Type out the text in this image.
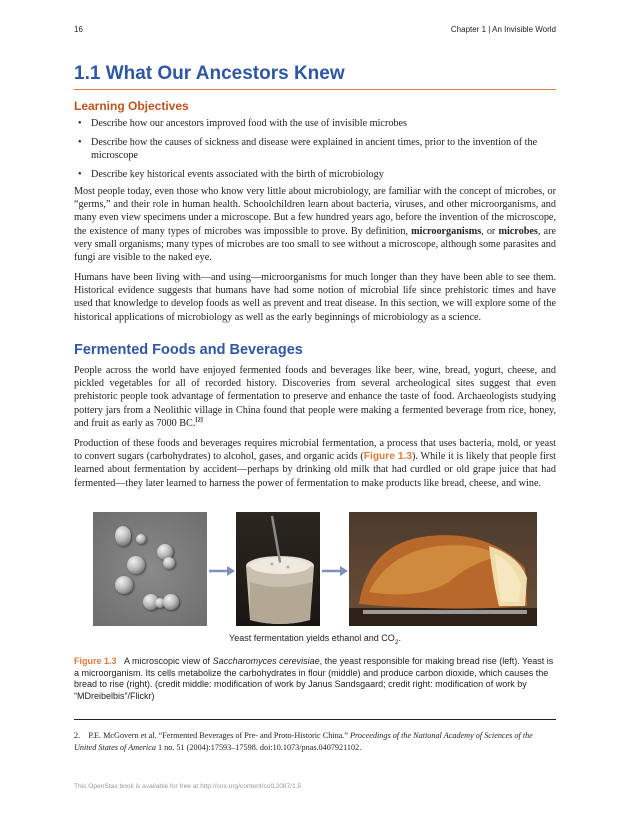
16	Chapter 1 | An Invisible World
1.1 What Our Ancestors Knew
Learning Objectives
• Describe how our ancestors improved food with the use of invisible microbes
• Describe how the causes of sickness and disease were explained in ancient times, prior to the invention of the microscope
• Describe key historical events associated with the birth of microbiology

Most people today, even those who know very little about microbiology, are familiar with the concept of microbes, or “germs,” and their role in human health. Schoolchildren learn about bacteria, viruses, and other microorganisms, and many even view specimens under a microscope. But a few hundred years ago, before the invention of the microscope, the existence of many types of microbes was impossible to prove. By definition, microorganisms, or microbes, are very small organisms; many types of microbes are too small to see without a microscope, although some parasites and fungi are visible to the naked eye.

Humans have been living with—and using—microorganisms for much longer than they have been able to see them. Historical evidence suggests that humans have had some notion of microbial life since prehistoric times and have used that knowledge to develop foods as well as prevent and treat disease. In this section, we will explore some of the historical applications of microbiology as well as the early beginnings of microbiology as a science.

Fermented Foods and Beverages

People across the world have enjoyed fermented foods and beverages like beer, wine, bread, yogurt, cheese, and pickled vegetables for all of recorded history. Discoveries from several archeological sites suggest that even prehistoric people took advantage of fermentation to preserve and enhance the taste of food. Archaeologists studying pottery jars from a Neolithic village in China found that people were making a fermented beverage from rice, honey, and fruit as early as 7000 BC.[2]

Production of these foods and beverages requires microbial fermentation, a process that uses bacteria, mold, or yeast to convert sugars (carbohydrates) to alcohol, gases, and organic acids (Figure 1.3). While it is likely that people first learned about fermentation by accident—perhaps by drinking old milk that had curdled or old grape juice that had fermented—they later learned to harness the power of fermentation to make products like bread, cheese, and wine.

Yeast fermentation yields ethanol and $CO_2$.

Figure 1.3 A microscopic view of Saccharomyces cerevisiae, the yeast responsible for making bread rise (left). Yeast is a microorganism. Its cells metabolize the carbohydrates in flour (middle) and produce carbon dioxide, which causes the bread to rise (right). (credit middle: modification of work by Janus Sandsgaard; credit right: modification of work by “MDreibelbis”/Flickr)

2. P.E. McGovern et al. “Fermented Beverages of Pre- and Proto-Historic China.” Proceedings of the National Academy of Sciences of the United States of America 1 no. 51 (2004):17593–17598. doi:10.1073/pnas.0407921102.

This OpenStax book is available for free at http://cnx.org/content/col12087/1.5
